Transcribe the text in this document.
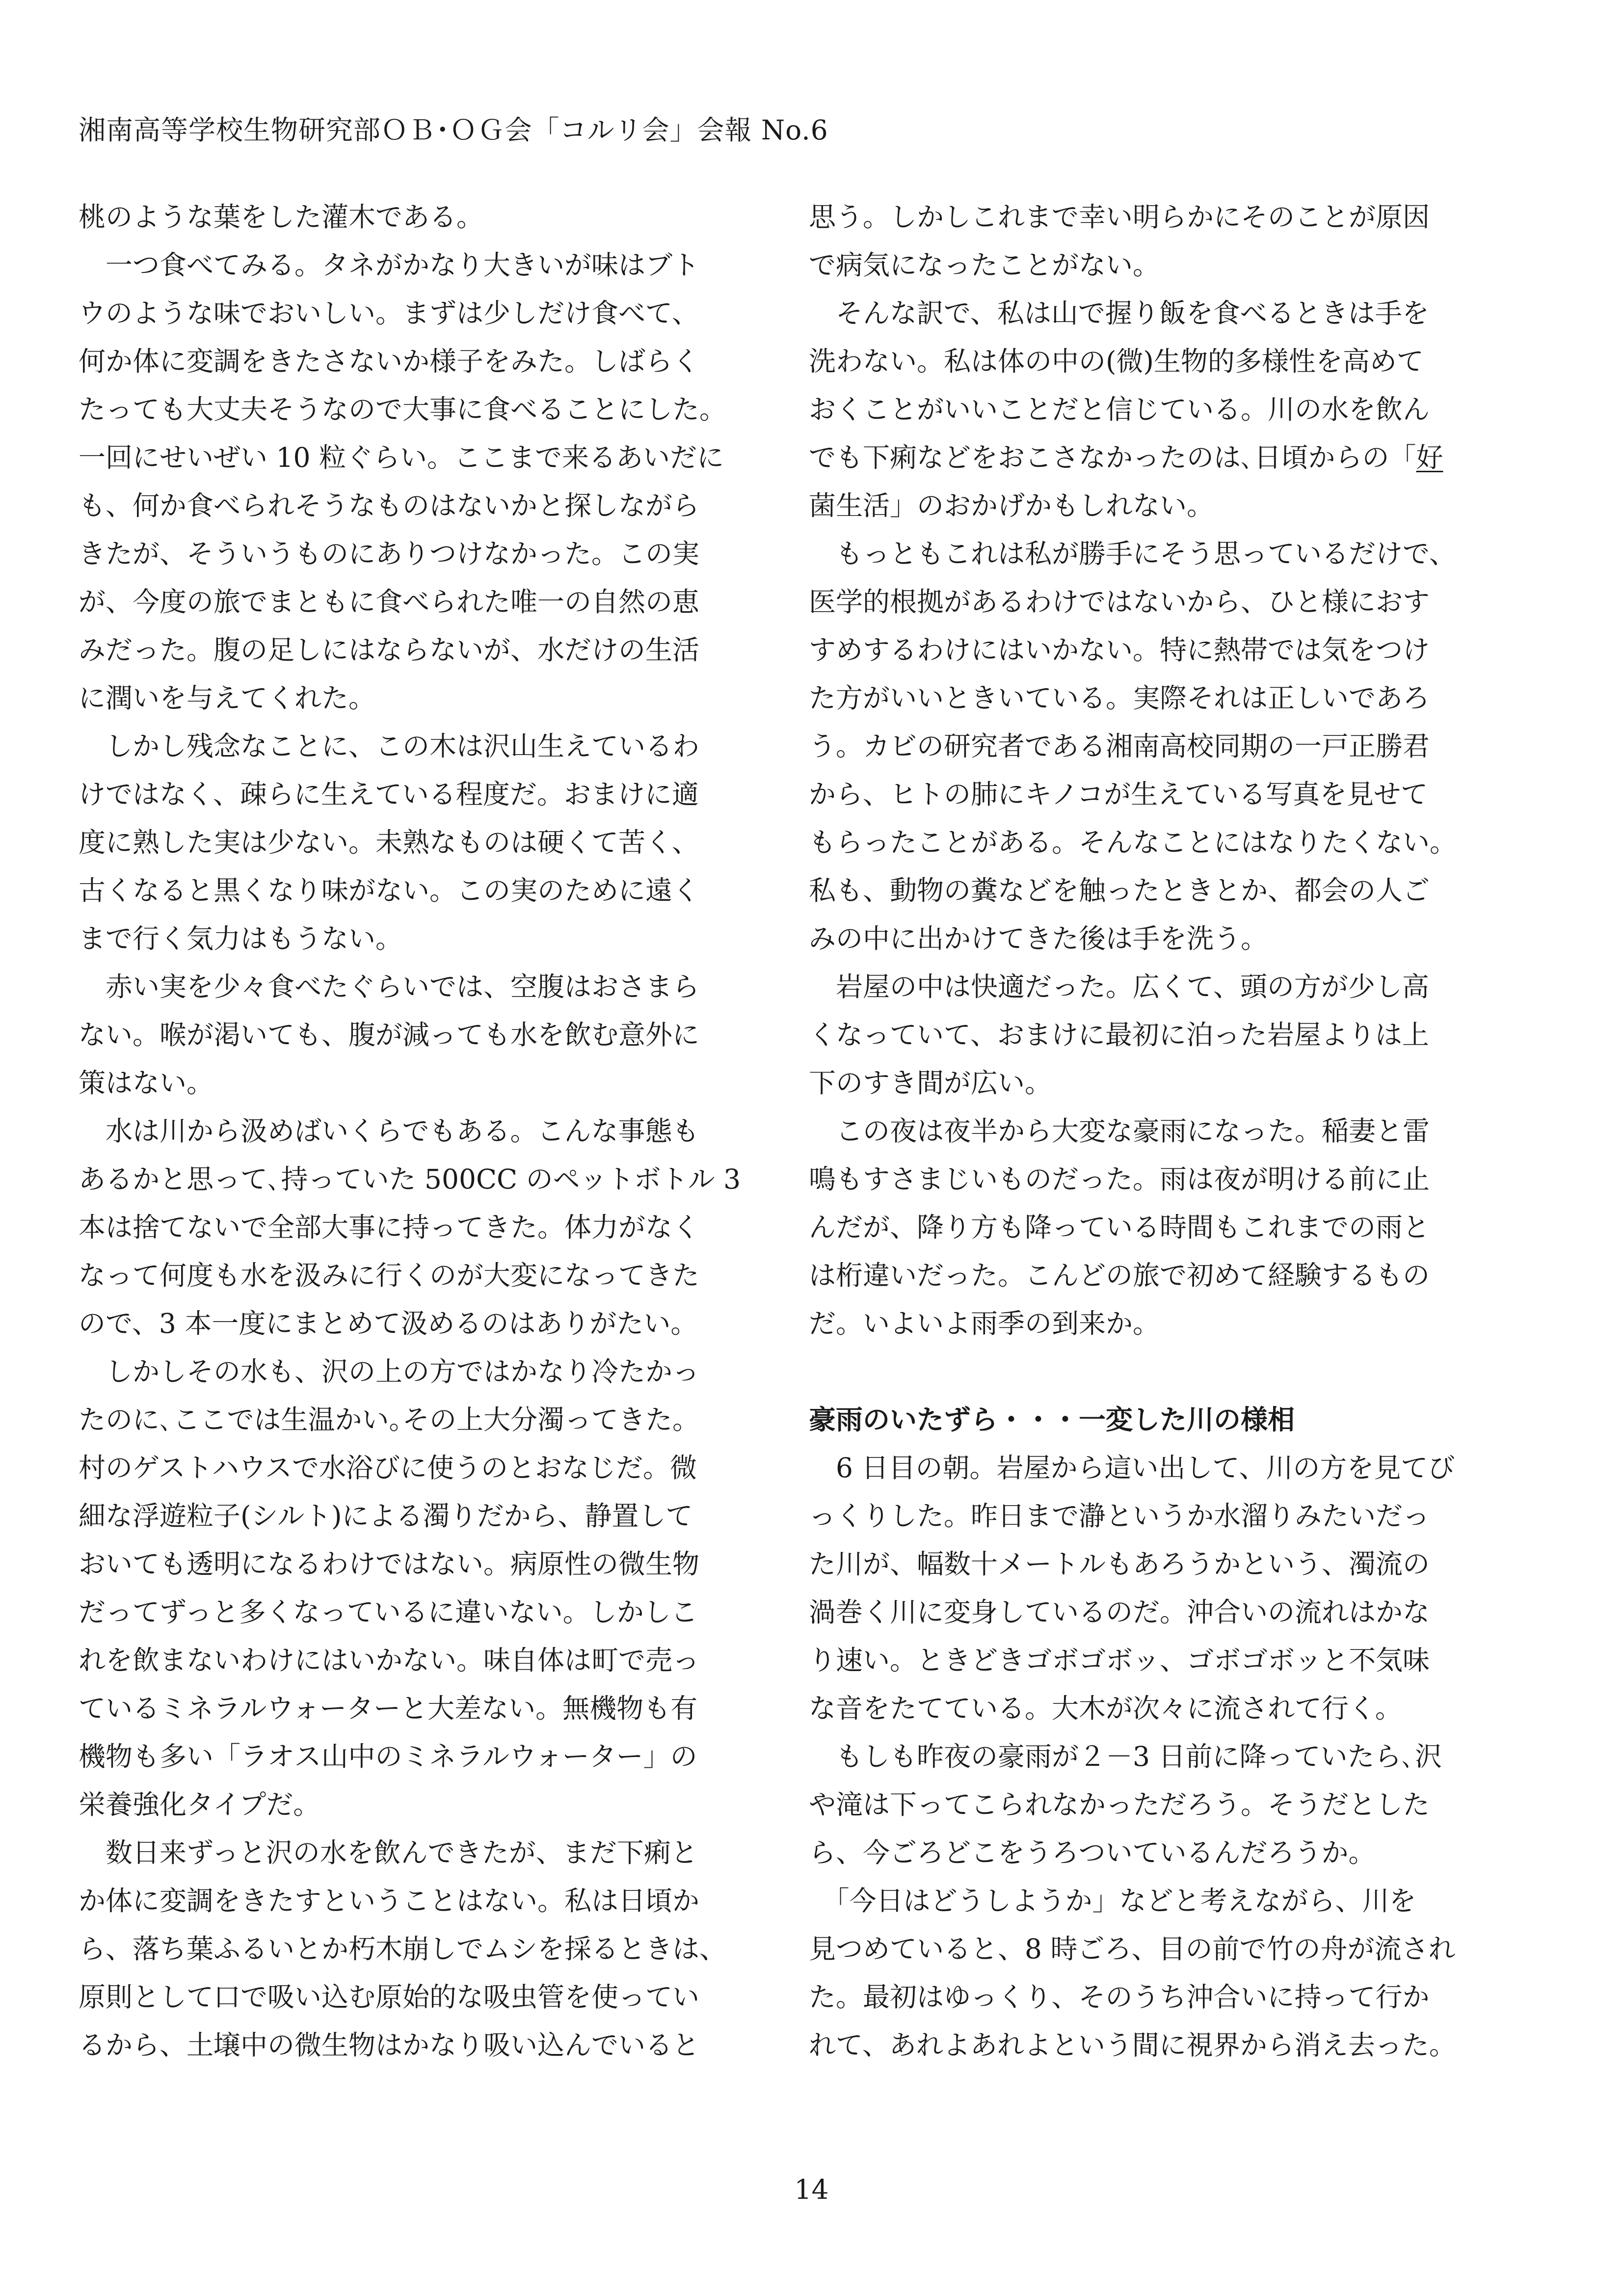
湘南高等学校生物研究部ＯＢ･ＯＧ会「コルリ会」会報 No.6
桃のような葉をした灌木である。
　一つ食べてみる。タネがかなり大きいが味はブト
ウのような味でおいしい。まずは少しだけ食べて、
何か体に変調をきたさないか様子をみた。しばらく
たっても大丈夫そうなので大事に食べることにした。
一回にせいぜい 10 粒ぐらい。ここまで来るあいだに
も、何か食べられそうなものはないかと探しながら
きたが、そういうものにありつけなかった。この実
が、今度の旅でまともに食べられた唯一の自然の恵
みだった。腹の足しにはならないが、水だけの生活
に潤いを与えてくれた。
　しかし残念なことに、この木は沢山生えているわ
けではなく、疎らに生えている程度だ。おまけに適
度に熟した実は少ない。未熟なものは硬くて苦く、
古くなると黒くなり味がない。この実のために遠く
まで行く気力はもうない。
　赤い実を少々食べたぐらいでは、空腹はおさまら
ない。喉が渇いても、腹が減っても水を飲む意外に
策はない。
　水は川から汲めばいくらでもある。こんな事態も
あるかと思って､持っていた 500CC のペットボトル 3
本は捨てないで全部大事に持ってきた。体力がなく
なって何度も水を汲みに行くのが大変になってきた
ので、3 本一度にまとめて汲めるのはありがたい。
　しかしその水も、沢の上の方ではかなり冷たかっ
たのに､ここでは生温かい｡その上大分濁ってきた。
村のゲストハウスで水浴びに使うのとおなじだ。微
細な浮遊粒子(シルト)による濁りだから、静置して
おいても透明になるわけではない。病原性の微生物
だってずっと多くなっているに違いない。しかしこ
れを飲まないわけにはいかない。味自体は町で売っ
ているミネラルウォーターと大差ない。無機物も有
機物も多い「ラオス山中のミネラルウォーター」の
栄養強化タイプだ。
　数日来ずっと沢の水を飲んできたが、まだ下痢と
か体に変調をきたすということはない。私は日頃か
ら、落ち葉ふるいとか朽木崩しでムシを採るときは、
原則として口で吸い込む原始的な吸虫管を使ってい
るから、土壌中の微生物はかなり吸い込んでいると
思う。しかしこれまで幸い明らかにそのことが原因
で病気になったことがない。
　そんな訳で、私は山で握り飯を食べるときは手を
洗わない。私は体の中の(微)生物的多様性を高めて
おくことがいいことだと信じている。川の水を飲ん
でも下痢などをおこさなかったのは､日頃からの「好
菌生活」のおかげかもしれない。
　もっともこれは私が勝手にそう思っているだけで、
医学的根拠があるわけではないから、ひと様におす
すめするわけにはいかない。特に熱帯では気をつけ
た方がいいときいている。実際それは正しいであろ
う。カビの研究者である湘南高校同期の一戸正勝君
から、ヒトの肺にキノコが生えている写真を見せて
もらったことがある。そんなことにはなりたくない。
私も、動物の糞などを触ったときとか、都会の人ご
みの中に出かけてきた後は手を洗う。
　岩屋の中は快適だった。広くて、頭の方が少し高
くなっていて、おまけに最初に泊った岩屋よりは上
下のすき間が広い。
　この夜は夜半から大変な豪雨になった。稲妻と雷
鳴もすさまじいものだった。雨は夜が明ける前に止
んだが、降り方も降っている時間もこれまでの雨と
は桁違いだった。こんどの旅で初めて経験するもの
だ。いよいよ雨季の到来か。
豪雨のいたずら・・・一変した川の様相
　6 日目の朝。岩屋から這い出して、川の方を見てび
っくりした。昨日まで瀞というか水溜りみたいだっ
た川が、幅数十メートルもあろうかという、濁流の
渦巻く川に変身しているのだ。沖合いの流れはかな
り速い。ときどきゴボゴボッ、ゴボゴボッと不気味
な音をたてている。大木が次々に流されて行く。
　もしも昨夜の豪雨が２－3 日前に降っていたら､沢
や滝は下ってこられなかっただろう。そうだとした
ら、今ごろどこをうろついているんだろうか。
　「今日はどうしようか」などと考えながら、川を
見つめていると、8 時ごろ、目の前で竹の舟が流され
た。最初はゆっくり、そのうち沖合いに持って行か
れて、あれよあれよという間に視界から消え去った。
14
